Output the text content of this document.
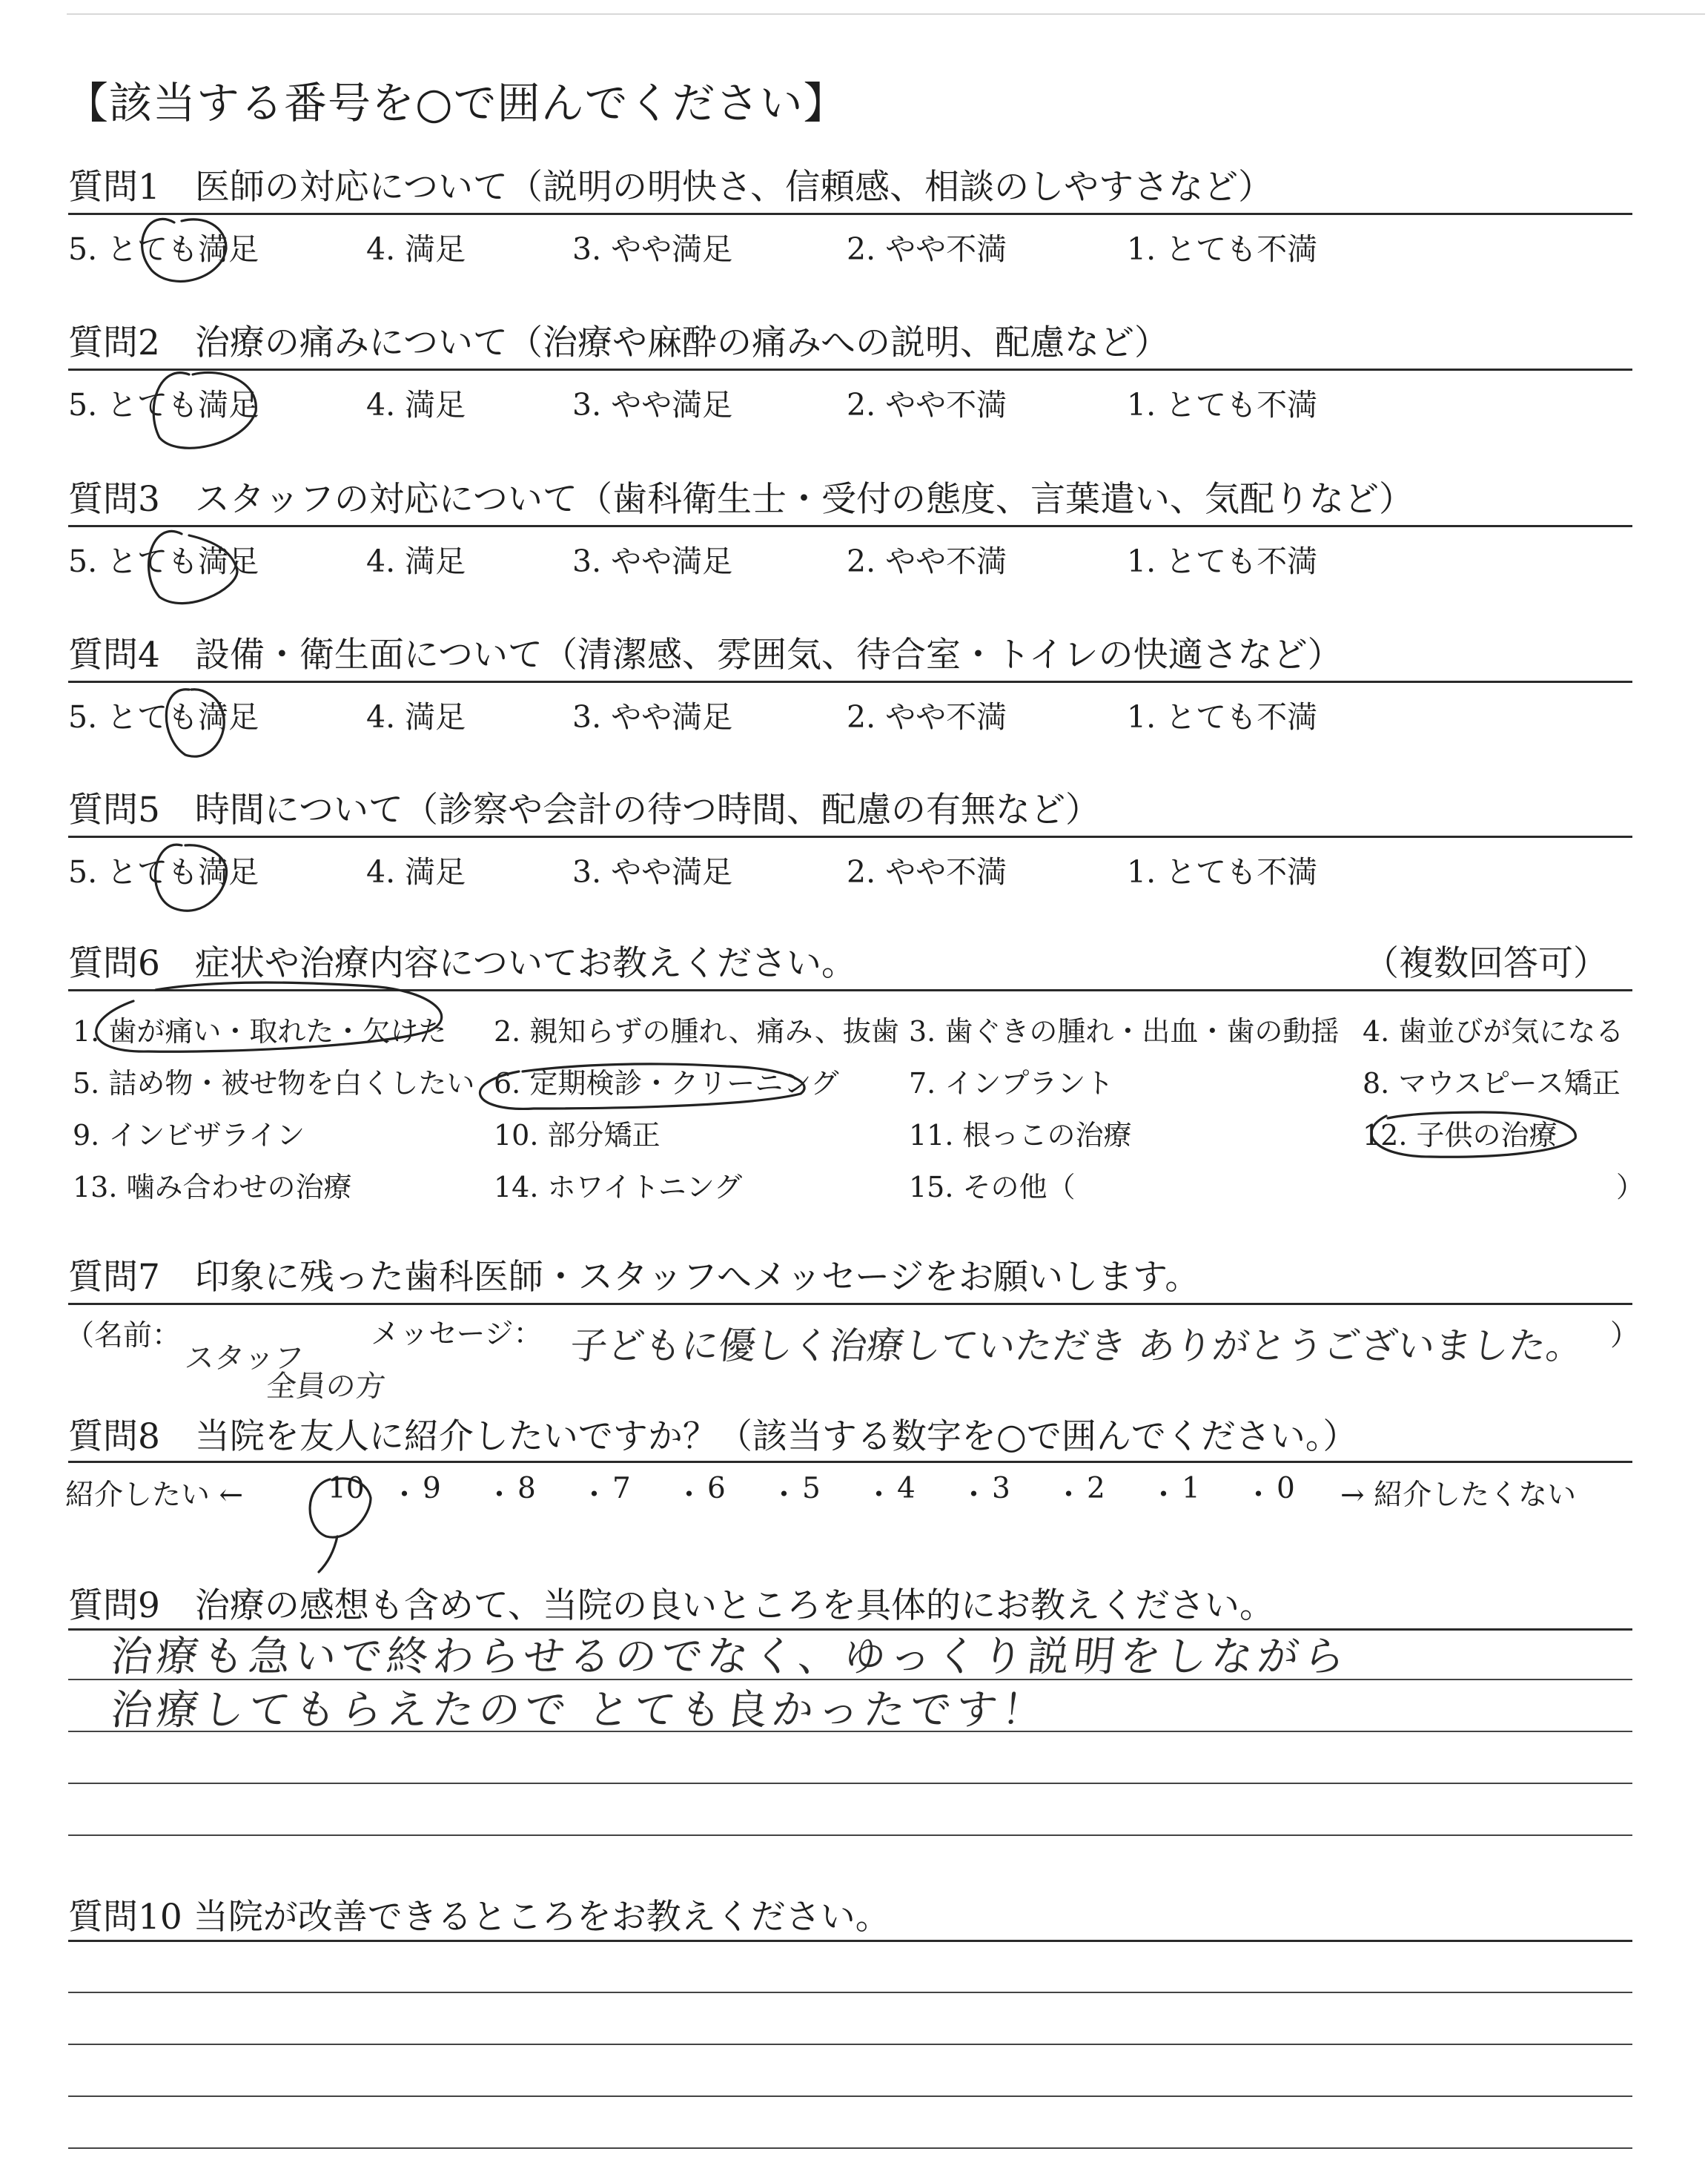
【該当する番号を○で囲んでください】
質問1　医師の対応について（説明の明快さ、信頼感、相談のしやすさなど）
5. とても満足	4. 満足	3. やや満足	2. やや不満	1. とても不満
質問2　治療の痛みについて（治療や麻酔の痛みへの説明、配慮など）
5. とても満足	4. 満足	3. やや満足	2. やや不満	1. とても不満
質問3　スタッフの対応について（歯科衛生士・受付の態度、言葉遣い、気配りなど）
5. とても満足	4. 満足	3. やや満足	2. やや不満	1. とても不満
質問4　設備・衛生面について（清潔感、雰囲気、待合室・トイレの快適さなど）
5. とても満足	4. 満足	3. やや満足	2. やや不満	1. とても不満
質問5　時間について（診察や会計の待つ時間、配慮の有無など）
5. とても満足	4. 満足	3. やや満足	2. やや不満	1. とても不満
質問6　症状や治療内容についてお教えください。	（複数回答可）
1. 歯が痛い・取れた・欠けた 2. 親知らずの腫れ、痛み、抜歯 3. 歯ぐきの腫れ・出血・歯の動揺 4. 歯並びが気になる
5. 詰め物・被せ物を白くしたい 6. 定期検診・クリーニング 7. インプラント	8. マウスピース矯正
9. インビザライン	10. 部分矯正	11. 根っこの治療	12. 子供の治療
13. 噛み合わせの治療	14. ホワイトニング	15. その他（	）
質問7　印象に残った歯科医師・スタッフへメッセージをお願いします。
（名前：	メッセージ：	）
スタッフ
全員の方
子どもに優しく治療していただき ありがとうございました。
質問8　当院を友人に紹介したいですか？（該当する数字を○で囲んでください。）
紹介したい ←	→ 紹介したくない
10 ・ 9 ・ 8 ・ 7 ・ 6 ・ 5 ・ 4 ・ 3 ・ 2 ・ 1 ・ 0
質問9　治療の感想も含めて、当院の良いところを具体的にお教えください。
治療も急いで終わらせるのでなく、ゆっくり説明をしながら
治療してもらえたので とても良かったです！
質問10 当院が改善できるところをお教えください。
